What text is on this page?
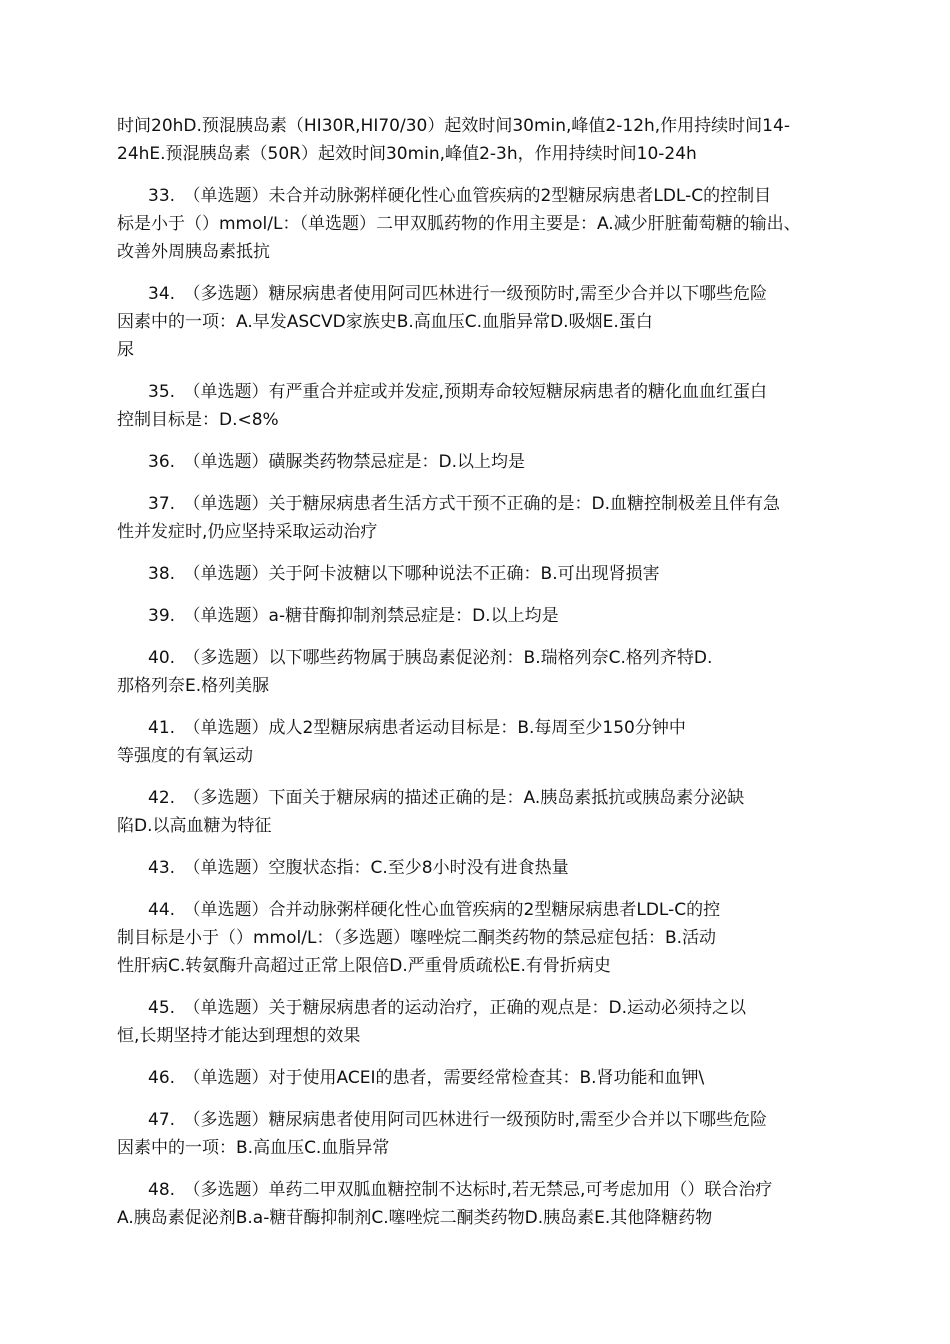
时间20hD.预混胰岛素（HI30R,HI70/30）起效时间30min,峰值2-12h,作用持续时间14-
24hE.预混胰岛素（50R）起效时间30min,峰值2-3h，作用持续时间10-24h
33.　（单选题）未合并动脉粥样硬化性心血管疾病的2型糖尿病患者LDL-C的控制目
标是小于（）mmol/L：（单选题）二甲双胍药物的作用主要是：A.减少肝脏葡萄糖的输出、
改善外周胰岛素抵抗
34.　（多选题）糖尿病患者使用阿司匹林进行一级预防时,需至少合并以下哪些危险
因素中的一项：A.早发ASCVD家族史B.高血压C.血脂异常D.吸烟E.蛋白
尿
35.　（单选题）有严重合并症或并发症,预期寿命较短糖尿病患者的糖化血血红蛋白
控制目标是：D.<8%
36.　（单选题）磺脲类药物禁忌症是：D.以上均是
37.　（单选题）关于糖尿病患者生活方式干预不正确的是：D.血糖控制极差且伴有急
性并发症时,仍应坚持采取运动治疗
38.　（单选题）关于阿卡波糖以下哪种说法不正确：B.可出现肾损害
39.　（单选题）a-糖苷酶抑制剂禁忌症是：D.以上均是
40.　（多选题）以下哪些药物属于胰岛素促泌剂：B.瑞格列奈C.格列齐特D.
那格列奈E.格列美脲
41.　（单选题）成人2型糖尿病患者运动目标是：B.每周至少150分钟中
等强度的有氧运动
42.　（多选题）下面关于糖尿病的描述正确的是：A.胰岛素抵抗或胰岛素分泌缺
陷D.以高血糖为特征
43.　（单选题）空腹状态指：C.至少8小时没有进食热量
44.　（单选题）合并动脉粥样硬化性心血管疾病的2型糖尿病患者LDL-C的控
制目标是小于（）mmol/L：（多选题）噻唑烷二酮类药物的禁忌症包括：B.活动
性肝病C.转氨酶升高超过正常上限倍D.严重骨质疏松E.有骨折病史
45.　（单选题）关于糖尿病患者的运动治疗，正确的观点是：D.运动必须持之以
恒,长期坚持才能达到理想的效果
46.　（单选题）对于使用ACEI的患者，需要经常检查其：B.肾功能和血钾\
47.　（多选题）糖尿病患者使用阿司匹林进行一级预防时,需至少合并以下哪些危险
因素中的一项：B.高血压C.血脂异常
48.　（多选题）单药二甲双胍血糖控制不达标时,若无禁忌,可考虑加用（）联合治疗
A.胰岛素促泌剂B.a-糖苷酶抑制剂C.噻唑烷二酮类药物D.胰岛素E.其他降糖药物
